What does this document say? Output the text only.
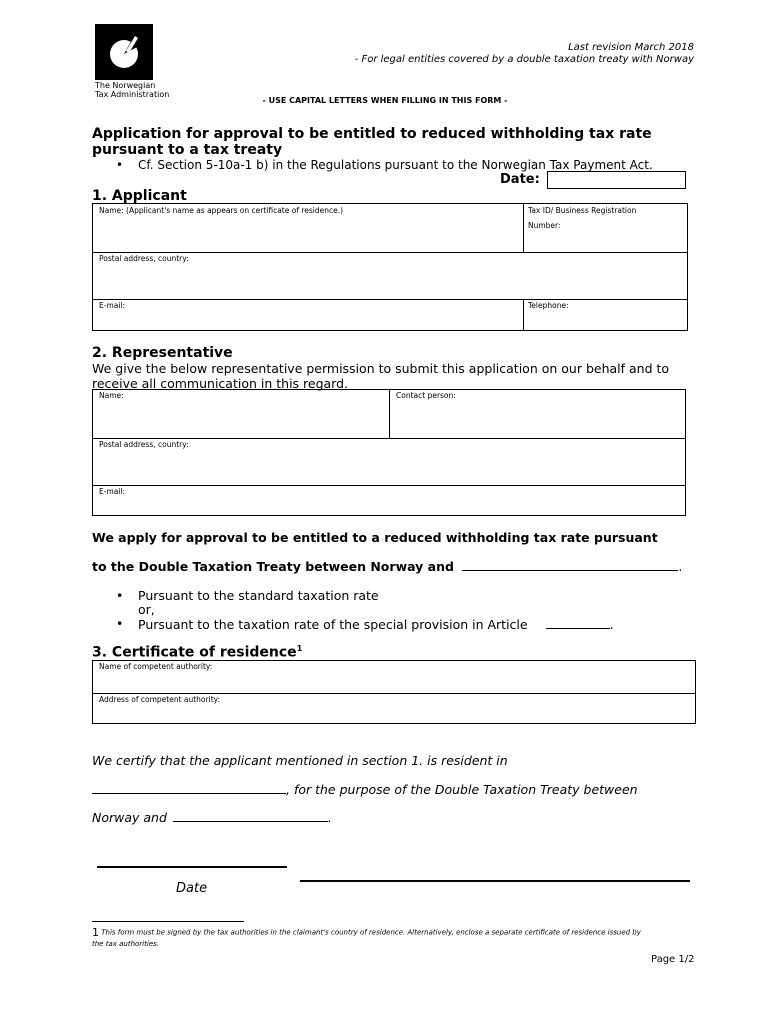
The Norwegian
Tax Administration
Last revision March 2018
- For legal entities covered by a double taxation treaty with Norway
- USE CAPITAL LETTERS WHEN FILLING IN THIS FORM -
Application for approval to be entitled to reduced withholding tax rate
pursuant to a tax treaty
• Cf. Section 5-10a-1 b) in the Regulations pursuant to the Norwegian Tax Payment Act.
Date:
1. Applicant
Name: (Applicant's name as appears on certificate of residence.)	Tax ID/ Business Registration
Number:
Postal address, country:
E-mail:	Telephone:
2. Representative
We give the below representative permission to submit this application on our behalf and to
receive all communication in this regard.
Name:	Contact person:
Postal address, country:
E-mail:
We apply for approval to be entitled to a reduced withholding tax rate pursuant
to the Double Taxation Treaty between Norway and	.
• Pursuant to the standard taxation rate
or,
• Pursuant to the taxation rate of the special provision in Article	.
3. Certificate of residence$^1$
Name of competent authority:
Address of competent authority:
We certify that the applicant mentioned in section 1. is resident in
, for the purpose of the Double Taxation Treaty between
Norway and	.
Date
1 This form must be signed by the tax authorities in the claimant's country of residence. Alternatively, enclose a separate certificate of residence issued by
the tax authorities.
Page 1/2
